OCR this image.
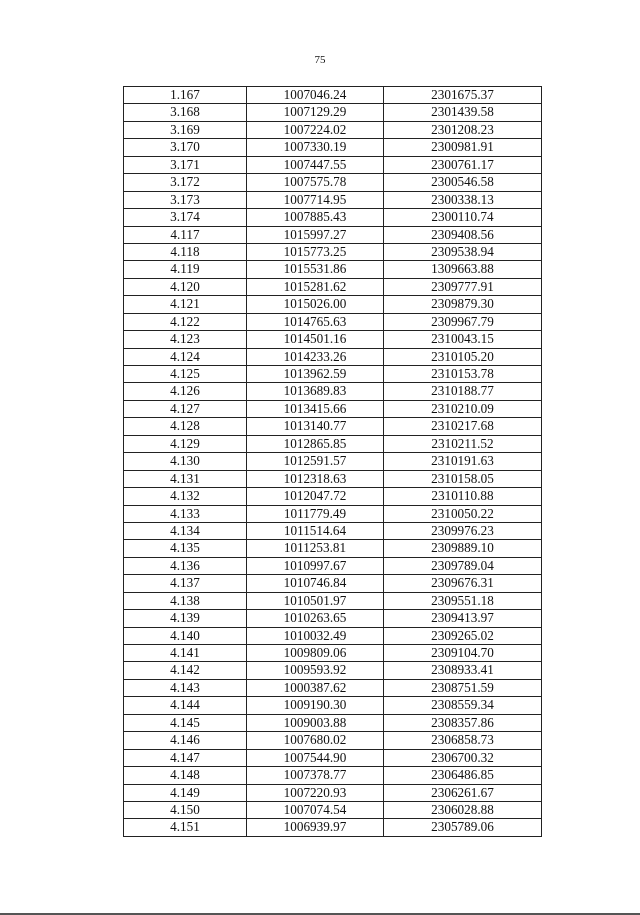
75
1.167	1007046.24	2301675.37
3.168	1007129.29	2301439.58
3.169	1007224.02	2301208.23
3.170	1007330.19	2300981.91
3.171	1007447.55	2300761.17
3.172	1007575.78	2300546.58
3.173	1007714.95	2300338.13
3.174	1007885.43	2300110.74
4.117	1015997.27	2309408.56
4.118	1015773.25	2309538.94
4.119	1015531.86	1309663.88
4.120	1015281.62	2309777.91
4.121	1015026.00	2309879.30
4.122	1014765.63	2309967.79
4.123	1014501.16	2310043.15
4.124	1014233.26	2310105.20
4.125	1013962.59	2310153.78
4.126	1013689.83	2310188.77
4.127	1013415.66	2310210.09
4.128	1013140.77	2310217.68
4.129	1012865.85	2310211.52
4.130	1012591.57	2310191.63
4.131	1012318.63	2310158.05
4.132	1012047.72	2310110.88
4.133	1011779.49	2310050.22
4.134	1011514.64	2309976.23
4.135	1011253.81	2309889.10
4.136	1010997.67	2309789.04
4.137	1010746.84	2309676.31
4.138	1010501.97	2309551.18
4.139	1010263.65	2309413.97
4.140	1010032.49	2309265.02
4.141	1009809.06	2309104.70
4.142	1009593.92	2308933.41
4.143	1000387.62	2308751.59
4.144	1009190.30	2308559.34
4.145	1009003.88	2308357.86
4.146	1007680.02	2306858.73
4.147	1007544.90	2306700.32
4.148	1007378.77	2306486.85
4.149	1007220.93	2306261.67
4.150	1007074.54	2306028.88
4.151	1006939.97	2305789.06
